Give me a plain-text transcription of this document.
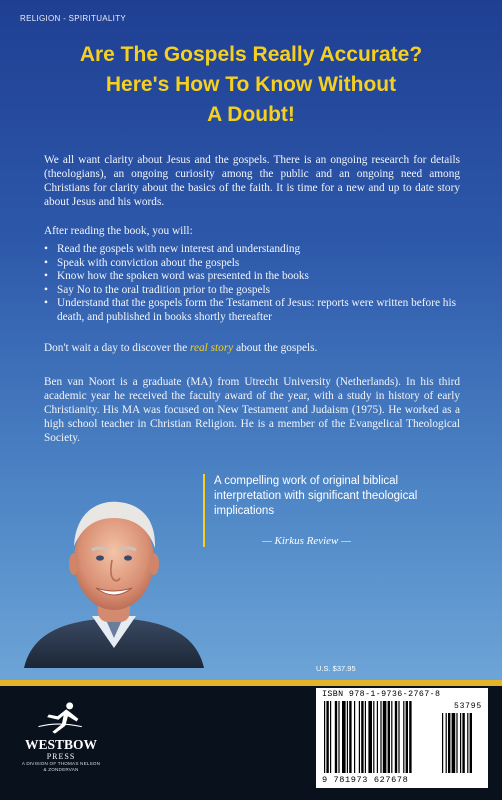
RELIGION - SPIRITUALITY
Are The Gospels Really Accurate?
Here's How To Know Without
A Doubt!

We all want clarity about Jesus and the gospels. There is an ongoing research for details (theologians), an ongoing curiosity among the public and an ongoing need among Christians for clarity about the basics of the faith. It is time for a new and up to date story about Jesus and his words.

After reading the book, you will:

• Read the gospels with new interest and understanding
• Speak with conviction about the gospels
• Know how the spoken word was presented in the books
• Say No to the oral tradition prior to the gospels
• Understand that the gospels form the Testament of Jesus: reports were written before his death, and published in books shortly thereafter

Don't wait a day to discover the real story about the gospels.

Ben van Noort is a graduate (MA) from Utrecht University (Netherlands). In his third academic year he received the faculty award of the year, with a study in history of early Christianity. His MA was focused on New Testament and Judaism (1975). He worked as a high school teacher in Christian Religion. He is a member of the Evangelical Theological Society.

A compelling work of original biblical interpretation with significant theological implications
— Kirkus Review —
U.S. $37.95
WESTBOW
PRESS
A DIVISION OF THOMAS NELSON
& ZONDERVAN
ISBN 978-1-9736-2767-8
53795
9 781973 627678
